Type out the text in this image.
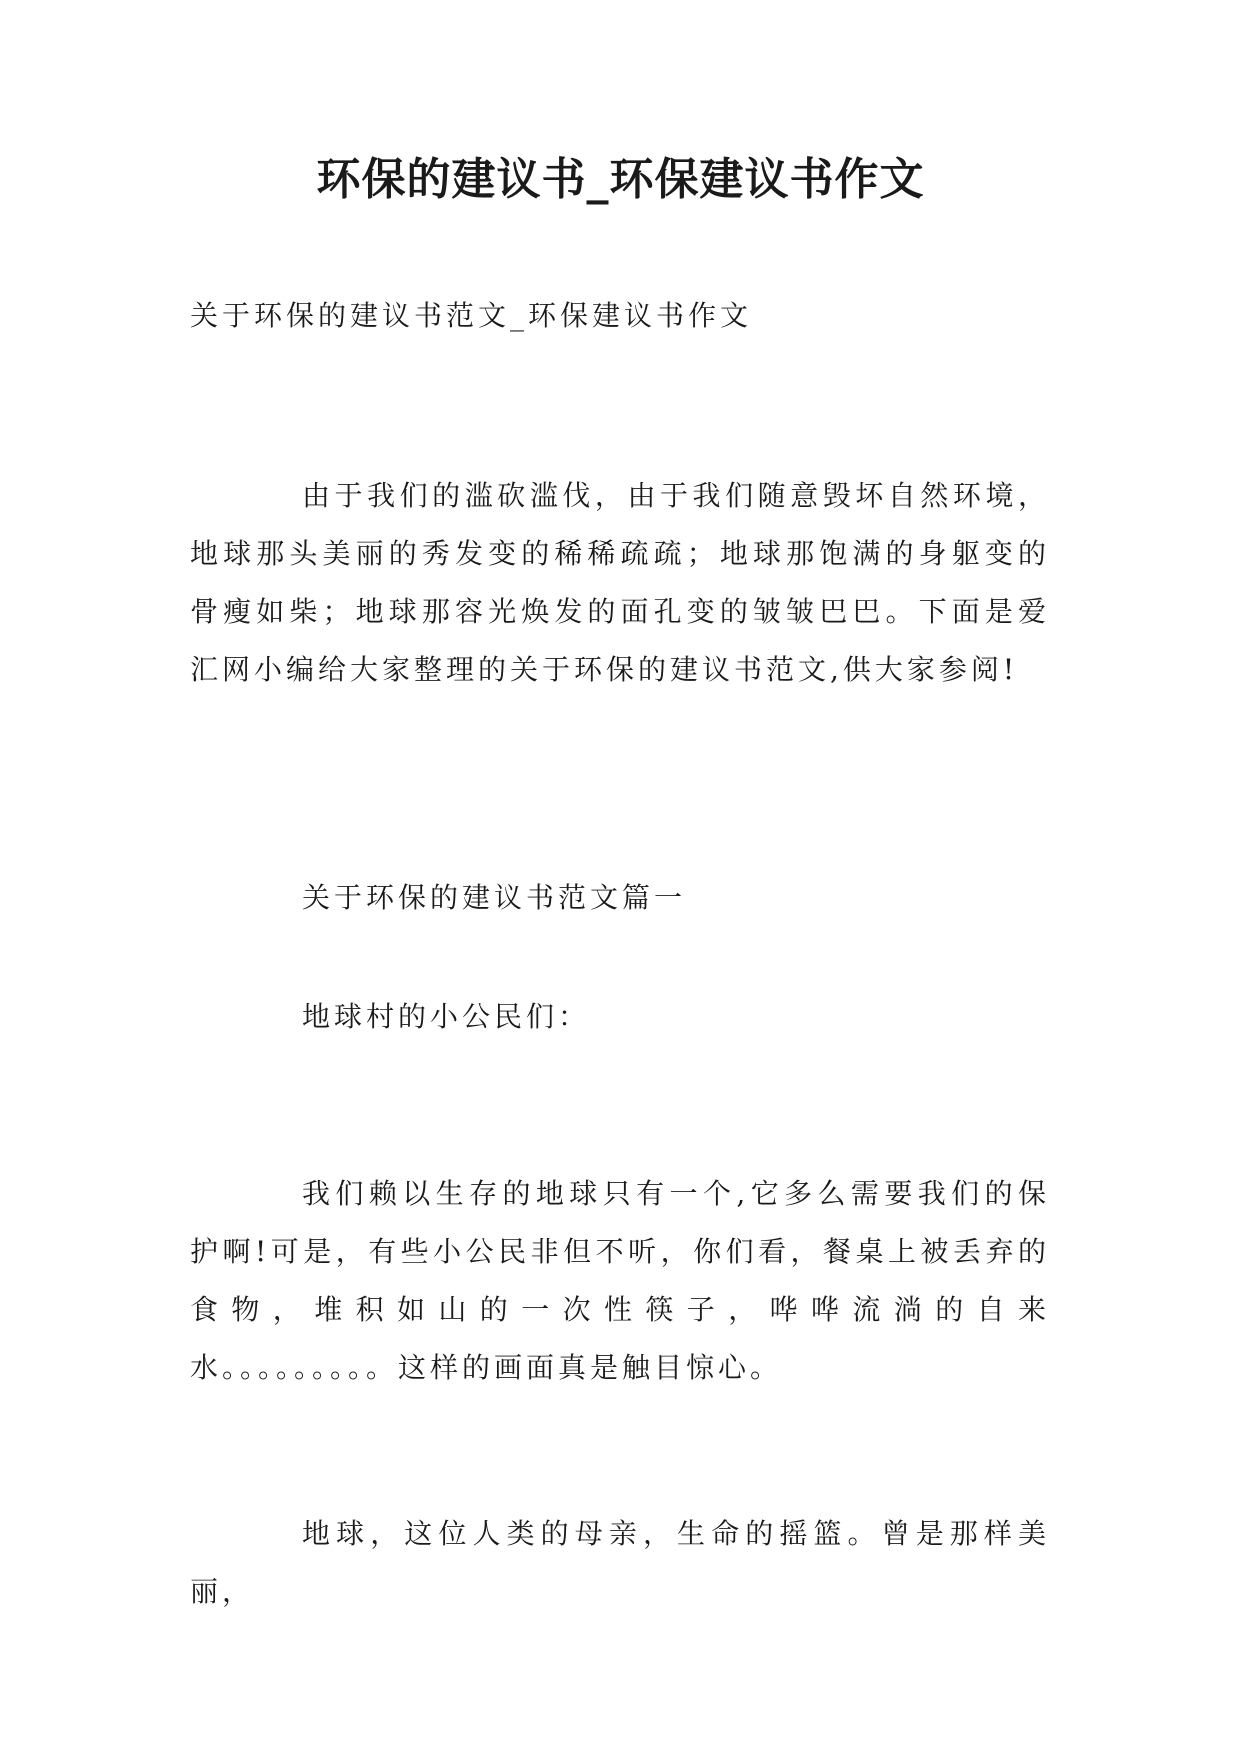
环保的建议书_环保建议书作文

关于环保的建议书范文_环保建议书作文

由于我们的滥砍滥伐，由于我们随意毁坏自然环境，地球那头美丽的秀发变的稀稀疏疏；地球那饱满的身躯变的骨瘦如柴；地球那容光焕发的面孔变的皱皱巴巴。下面是爱汇网小编给大家整理的关于环保的建议书范文,供大家参阅!

关于环保的建议书范文篇一

地球村的小公民们：

我们赖以生存的地球只有一个,它多么需要我们的保护啊!可是，有些小公民非但不听，你们看，餐桌上被丢弃的食物，堆积如山的一次性筷子，哗哗流淌的自来水。。。。。。。。。这样的画面真是触目惊心。

地球，这位人类的母亲，生命的摇篮。曾是那样美丽，
